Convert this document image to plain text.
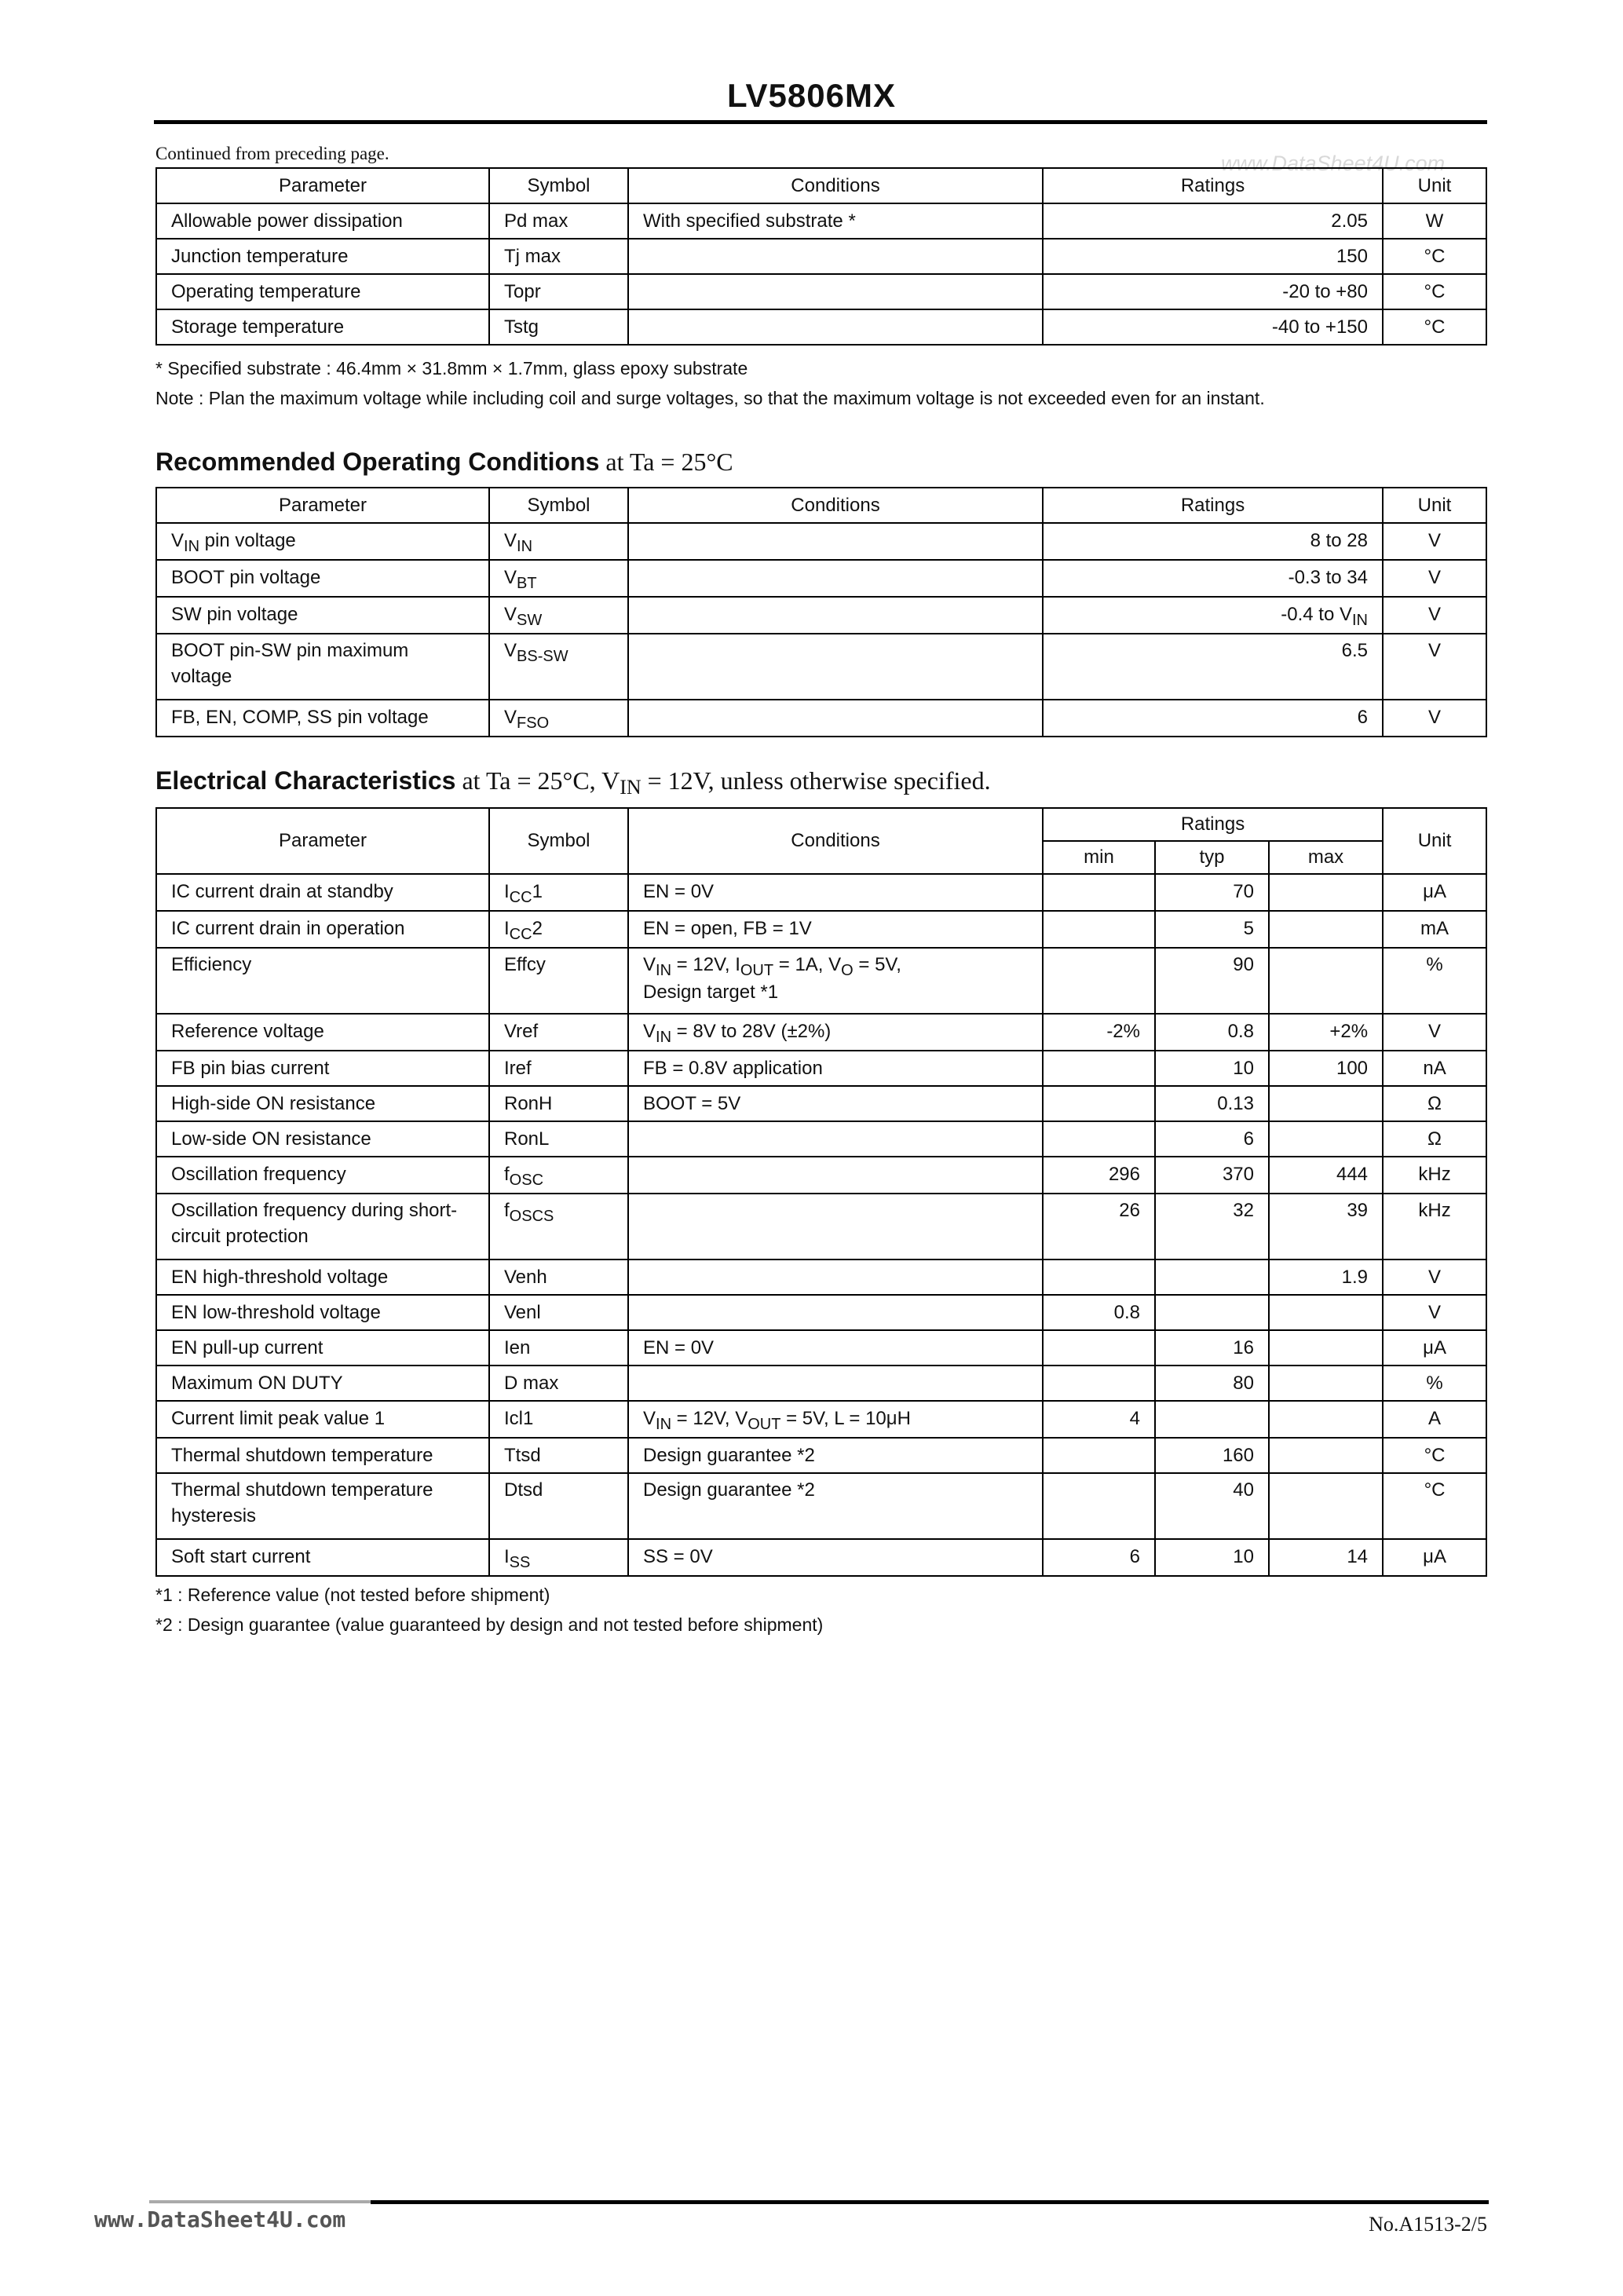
LV5806MX
www.DataSheet4U.com
Continued from preceding page.
Parameter	Symbol	Conditions	Ratings	Unit
Allowable power dissipation	Pd max	With specified substrate *	2.05	W
Junction temperature	Tj max		150	°C
Operating temperature	Topr		-20 to +80	°C
Storage temperature	Tstg		-40 to +150	°C
* Specified substrate : 46.4mm × 31.8mm × 1.7mm, glass epoxy substrate
Note : Plan the maximum voltage while including coil and surge voltages, so that the maximum voltage is not exceeded even for an instant.
Recommended Operating Conditions at Ta = 25°C
Parameter	Symbol	Conditions	Ratings	Unit
$V_{IN}$ pin voltage	$V_{IN}$		8 to 28	V
BOOT pin voltage	$V_{BT}$		-0.3 to 34	V
SW pin voltage	$V_{SW}$		-0.4 to $V_{IN}$	V
BOOT pin-SW pin maximum voltage	$V_{BS-SW}$		6.5	V
FB, EN, COMP, SS pin voltage	$V_{FSO}$		6	V
Electrical Characteristics at Ta = 25°C, VIN = 12V, unless otherwise specified.
Parameter	Symbol	Conditions	Ratings			Unit
			min	typ	max	
IC current drain at standby	$I_{CC}1$	EN = 0V		70		μA
IC current drain in operation	$I_{CC}2$	EN = open, FB = 1V		5		mA
Efficiency	Effcy	$V_{IN} = 12V$, $I_{OUT} = 1A$, $V_O = 5V$,
Design target *1		90		%
Reference voltage	Vref	$V_{IN} = 8V$ to 28V (±2%)	-2%	0.8	+2%	V
FB pin bias current	Iref	FB = 0.8V application		10	100	nA
High-side ON resistance	RonH	BOOT = 5V		0.13		Ω
Low-side ON resistance	RonL			6		Ω
Oscillation frequency	$f_{OSC}$		296	370	444	kHz
Oscillation frequency during short-circuit protection	$f_{OSCS}$		26	32	39	kHz
EN high-threshold voltage	Venh				1.9	V
EN low-threshold voltage	Venl		0.8			V
EN pull-up current	Ien	EN = 0V		16		μA
Maximum ON DUTY	D max			80		%
Current limit peak value 1	Icl1	$V_{IN} = 12V$, $V_{OUT} = 5V$, L = 10μH	4			A
Thermal shutdown temperature	Ttsd	Design guarantee *2		160		°C
Thermal shutdown temperature hysteresis	Dtsd	Design guarantee *2		40		°C
Soft start current	$I_{SS}$	SS = 0V	6	10	14	μA
*1 : Reference value (not tested before shipment)
*2 : Design guarantee (value guaranteed by design and not tested before shipment)
www.DataSheet4U.com	No.A1513-2/5
